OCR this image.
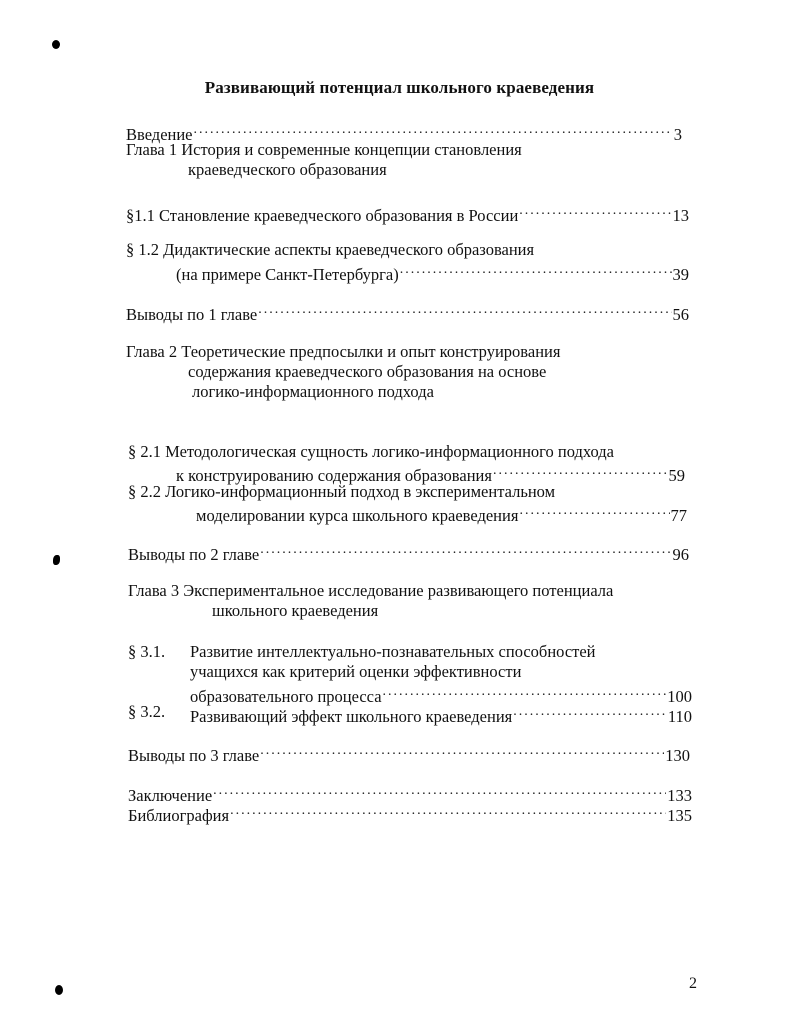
Развивающий потенциал школьного краеведения
Введение .....	3
Глава 1 История и современные концепции становления
краеведческого образования
§1.1 Становление краеведческого образования в России .....	13
§ 1.2 Дидактические аспекты краеведческого образования
(на примере Санкт-Петербурга) .....	39
Выводы по 1 главе .....	56
Глава 2 Теоретические предпосылки и опыт конструирования
содержания краеведческого образования на основе
логико-информационного подхода
§ 2.1 Методологическая сущность логико-информационного подхода
к конструированию содержания образования .....	59
§ 2.2 Логико-информационный подход в экспериментальном
моделировании курса школьного краеведения .....	77
Выводы по 2 главе .....	96
Глава 3 Экспериментальное исследование развивающего потенциала
школьного краеведения
§ 3.1. Развитие интеллектуально-познавательных способностей
учащихся как критерий оценки эффективности
образовательного процесса .....	100
§ 3.2. Развивающий эффект школьного краеведения .....	110
Выводы по 3 главе .....	130
Заключение .....	133
Библиография .....	135
2
